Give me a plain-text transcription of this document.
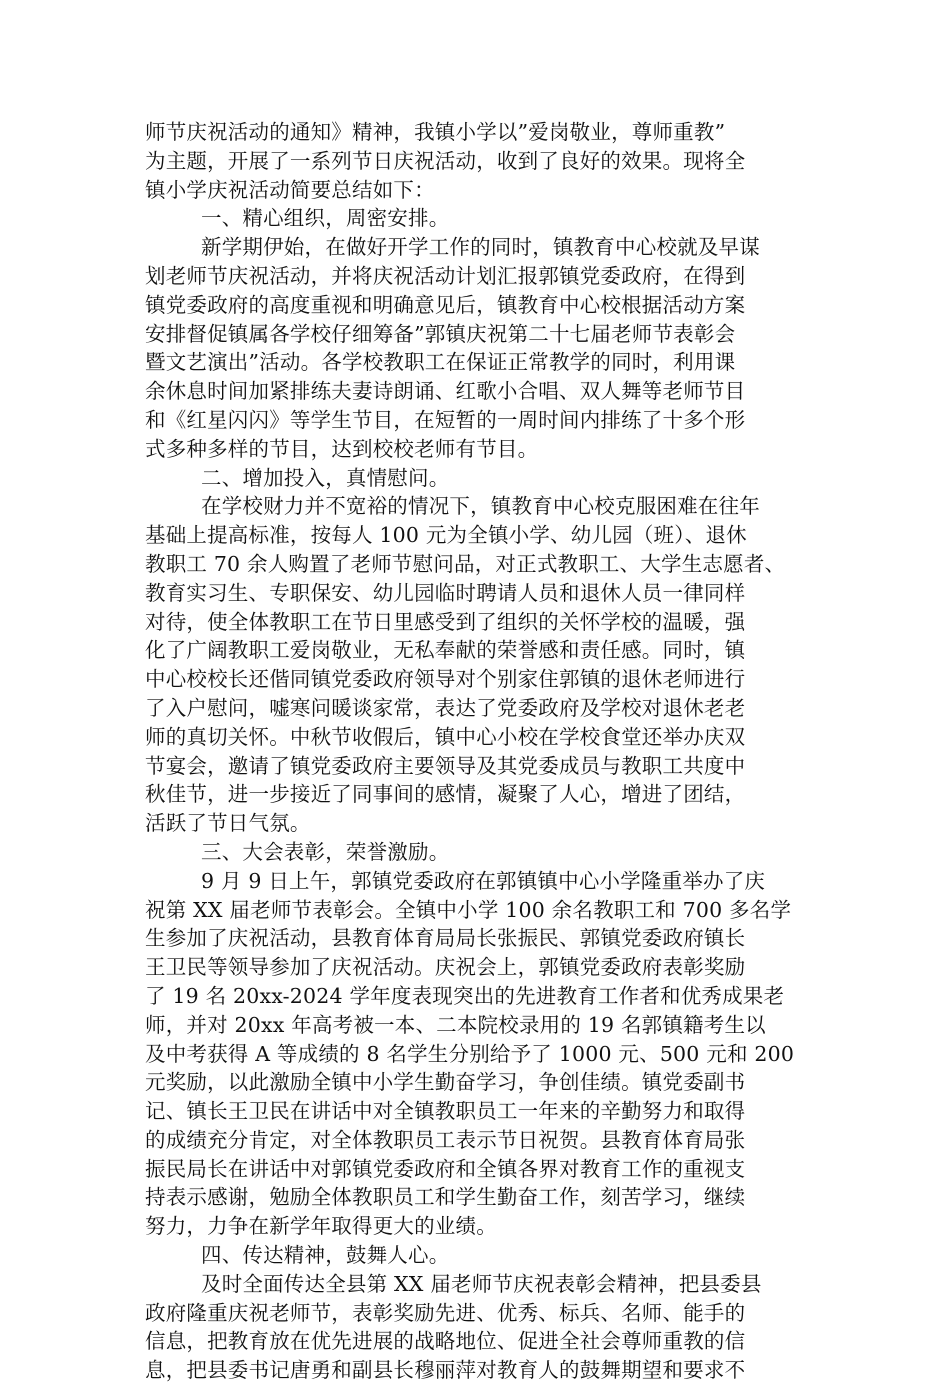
师节庆祝活动的通知》精神，我镇小学以”爱岗敬业，尊师重教”
为主题，开展了一系列节日庆祝活动，收到了良好的效果。现将全
镇小学庆祝活动简要总结如下：
一、精心组织，周密安排。
新学期伊始，在做好开学工作的同时，镇教育中心校就及早谋
划老师节庆祝活动，并将庆祝活动计划汇报郭镇党委政府，在得到
镇党委政府的高度重视和明确意见后，镇教育中心校根据活动方案
安排督促镇属各学校仔细筹备”郭镇庆祝第二十七届老师节表彰会
暨文艺演出”活动。各学校教职工在保证正常教学的同时，利用课
余休息时间加紧排练夫妻诗朗诵、红歌小合唱、双人舞等老师节目
和《红星闪闪》等学生节目，在短暂的一周时间内排练了十多个形
式多种多样的节目，达到校校老师有节目。
二、增加投入，真情慰问。
在学校财力并不宽裕的情况下，镇教育中心校克服困难在往年
基础上提高标准，按每人 100 元为全镇小学、幼儿园（班）、退休
教职工 70 余人购置了老师节慰问品，对正式教职工、大学生志愿者、
教育实习生、专职保安、幼儿园临时聘请人员和退休人员一律同样
对待，使全体教职工在节日里感受到了组织的关怀学校的温暖，强
化了广阔教职工爱岗敬业，无私奉献的荣誉感和责任感。同时，镇
中心校校长还偕同镇党委政府领导对个别家住郭镇的退休老师进行
了入户慰问，嘘寒问暖谈家常，表达了党委政府及学校对退休老老
师的真切关怀。中秋节收假后，镇中心小校在学校食堂还举办庆双
节宴会，邀请了镇党委政府主要领导及其党委成员与教职工共度中
秋佳节，进一步接近了同事间的感情，凝聚了人心，增进了团结，
活跃了节日气氛。
三、大会表彰，荣誉激励。
9 月 9 日上午，郭镇党委政府在郭镇镇中心小学隆重举办了庆
祝第 XX 届老师节表彰会。全镇中小学 100 余名教职工和 700 多名学
生参加了庆祝活动，县教育体育局局长张振民、郭镇党委政府镇长
王卫民等领导参加了庆祝活动。庆祝会上，郭镇党委政府表彰奖励
了 19 名 20xx-2024 学年度表现突出的先进教育工作者和优秀成果老
师，并对 20xx 年高考被一本、二本院校录用的 19 名郭镇籍考生以
及中考获得 A 等成绩的 8 名学生分别给予了 1000 元、500 元和 200
元奖励，以此激励全镇中小学生勤奋学习，争创佳绩。镇党委副书
记、镇长王卫民在讲话中对全镇教职员工一年来的辛勤努力和取得
的成绩充分肯定，对全体教职员工表示节日祝贺。县教育体育局张
振民局长在讲话中对郭镇党委政府和全镇各界对教育工作的重视支
持表示感谢，勉励全体教职员工和学生勤奋工作，刻苦学习，继续
努力，力争在新学年取得更大的业绩。
四、传达精神，鼓舞人心。
及时全面传达全县第 XX 届老师节庆祝表彰会精神，把县委县
政府隆重庆祝老师节，表彰奖励先进、优秀、标兵、名师、能手的
信息，把教育放在优先进展的战略地位、促进全社会尊师重教的信
息，把县委书记唐勇和副县长穆丽萍对教育人的鼓舞期望和要求不
